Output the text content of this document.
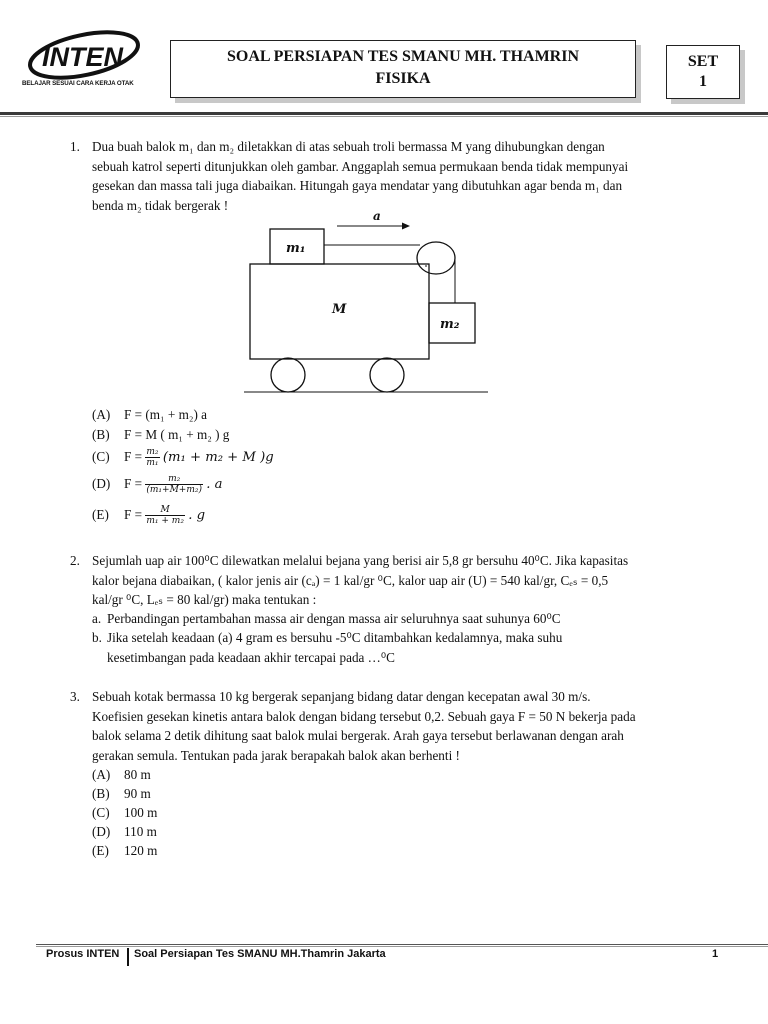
INTEN
BELAJAR SESUAI CARA KERJA OTAK
SOAL PERSIAPAN TES SMANU MH. THAMRIN
FISIKA
SET
1
1. Dua buah balok m₁ dan m₂ diletakkan di atas sebuah troli bermassa M yang dihubungkan dengan

sebuah katrol seperti ditunjukkan oleh gambar. Anggaplah semua permukaan benda tidak mempunyai

gesekan dan massa tali juga diabaikan. Hitungah gaya mendatar yang dibutuhkan agar benda m₁ dan

benda m₂ tidak bergerak !

a
m₁
M
m₂
(A) F = (m₁ + m₂) a
(B) F = M ( m₁ + m₂ ) g
(C) $F = \frac{\text{m₂}}{\text{m₁}} (m_1 + m_2 + M$ )g
(D) $F = \frac{\text{m₂}}{\text{(m₁+M+m₂)}}$ . a
(E) $F = \frac{M}{\text{m₁ + m₂}}$ . g
2. Sejumlah uap air 100⁰C dilewatkan melalui bejana yang berisi air 5,8 gr bersuhu 40⁰C. Jika kapasitas

kalor bejana diabaikan, ( kalor jenis air (cₐ) = 1 kal/gr ⁰C, kalor uap air (U) = 540 kal/gr, Cₑₛ = 0,5

kal/gr ⁰C, Lₑₛ = 80 kal/gr) maka tentukan :

a. Perbandingan pertambahan massa air dengan massa air seluruhnya saat suhunya 60⁰C

b. Jika setelah keadaan (a) 4 gram es bersuhu -5⁰C ditambahkan kedalamnya, maka suhu

kesetimbangan pada keadaan akhir tercapai pada …⁰C

3. Sebuah kotak bermassa 10 kg bergerak sepanjang bidang datar dengan kecepatan awal 30 m/s.

Koefisien gesekan kinetis antara balok dengan bidang tersebut 0,2. Sebuah gaya F = 50 N bekerja pada

balok selama 2 detik dihitung saat balok mulai bergerak. Arah gaya tersebut berlawanan dengan arah

gerakan semula. Tentukan pada jarak berapakah balok akan berhenti !

(A) 80 m
(B) 90 m
(C) 100 m
(D) 110 m
(E) 120 m
Prosus INTEN Soal Persiapan Tes SMANU MH.Thamrin Jakarta	1
